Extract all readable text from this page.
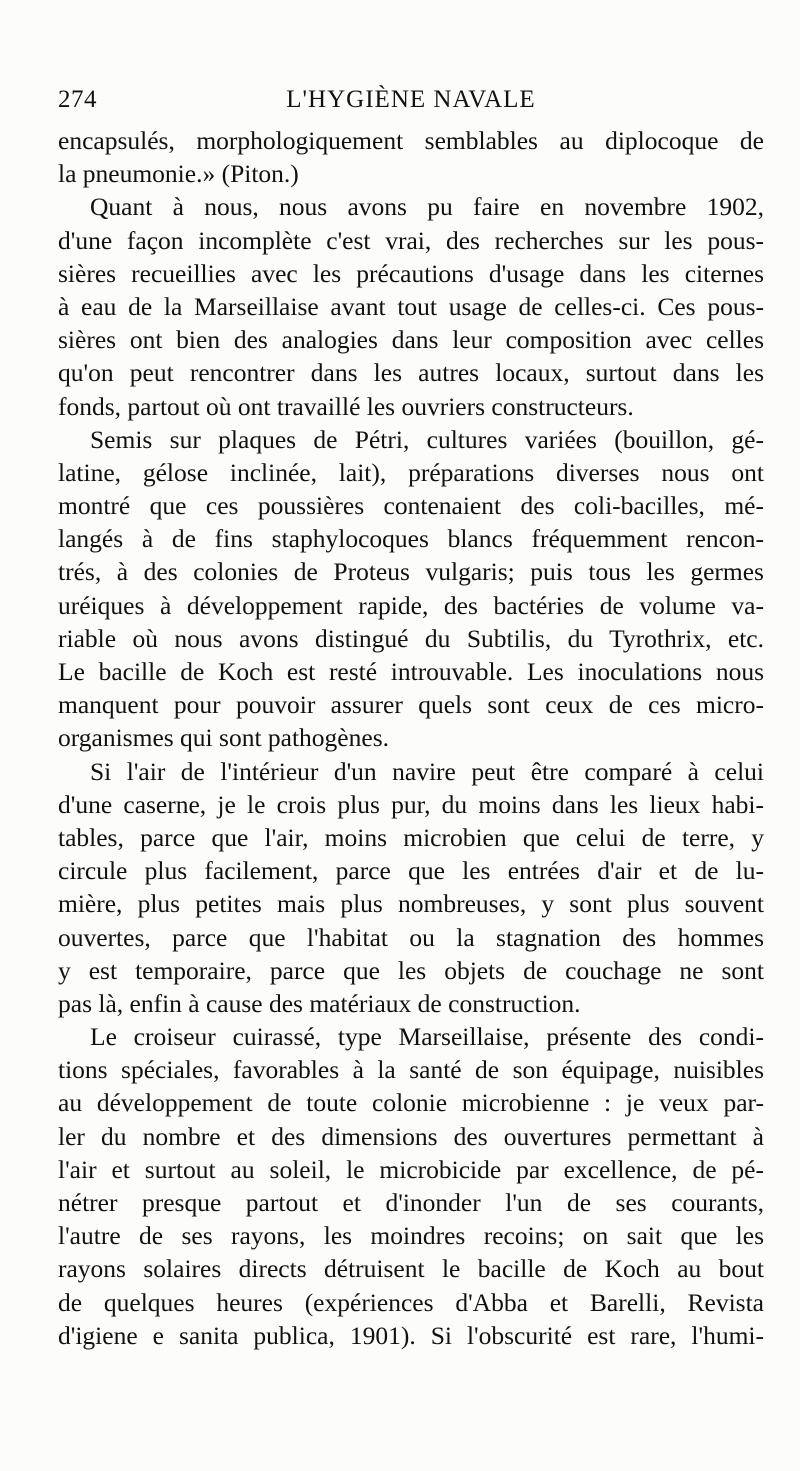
274	L'HYGIÈNE NAVALE
encapsulés, morphologiquement semblables au diplocoque de
la pneumonie.» (Piton.)
Quant à nous, nous avons pu faire en novembre 1902,
d'une façon incomplète c'est vrai, des recherches sur les pous-
sières recueillies avec les précautions d'usage dans les citernes
à eau de la Marseillaise avant tout usage de celles-ci. Ces pous-
sières ont bien des analogies dans leur composition avec celles
qu'on peut rencontrer dans les autres locaux, surtout dans les
fonds, partout où ont travaillé les ouvriers constructeurs.
Semis sur plaques de Pétri, cultures variées (bouillon, gé-
latine, gélose inclinée, lait), préparations diverses nous ont
montré que ces poussières contenaient des coli-bacilles, mé-
langés à de fins staphylocoques blancs fréquemment rencon-
trés, à des colonies de Proteus vulgaris; puis tous les germes
uréiques à développement rapide, des bactéries de volume va-
riable où nous avons distingué du Subtilis, du Tyrothrix, etc.
Le bacille de Koch est resté introuvable. Les inoculations nous
manquent pour pouvoir assurer quels sont ceux de ces micro-
organismes qui sont pathogènes.
Si l'air de l'intérieur d'un navire peut être comparé à celui
d'une caserne, je le crois plus pur, du moins dans les lieux habi-
tables, parce que l'air, moins microbien que celui de terre, y
circule plus facilement, parce que les entrées d'air et de lu-
mière, plus petites mais plus nombreuses, y sont plus souvent
ouvertes, parce que l'habitat ou la stagnation des hommes
y est temporaire, parce que les objets de couchage ne sont
pas là, enfin à cause des matériaux de construction.
Le croiseur cuirassé, type Marseillaise, présente des condi-
tions spéciales, favorables à la santé de son équipage, nuisibles
au développement de toute colonie microbienne : je veux par-
ler du nombre et des dimensions des ouvertures permettant à
l'air et surtout au soleil, le microbicide par excellence, de pé-
nétrer presque partout et d'inonder l'un de ses courants,
l'autre de ses rayons, les moindres recoins; on sait que les
rayons solaires directs détruisent le bacille de Koch au bout
de quelques heures (expériences d'Abba et Barelli, Revista
d'igiene e sanita publica, 1901). Si l'obscurité est rare, l'humi-
